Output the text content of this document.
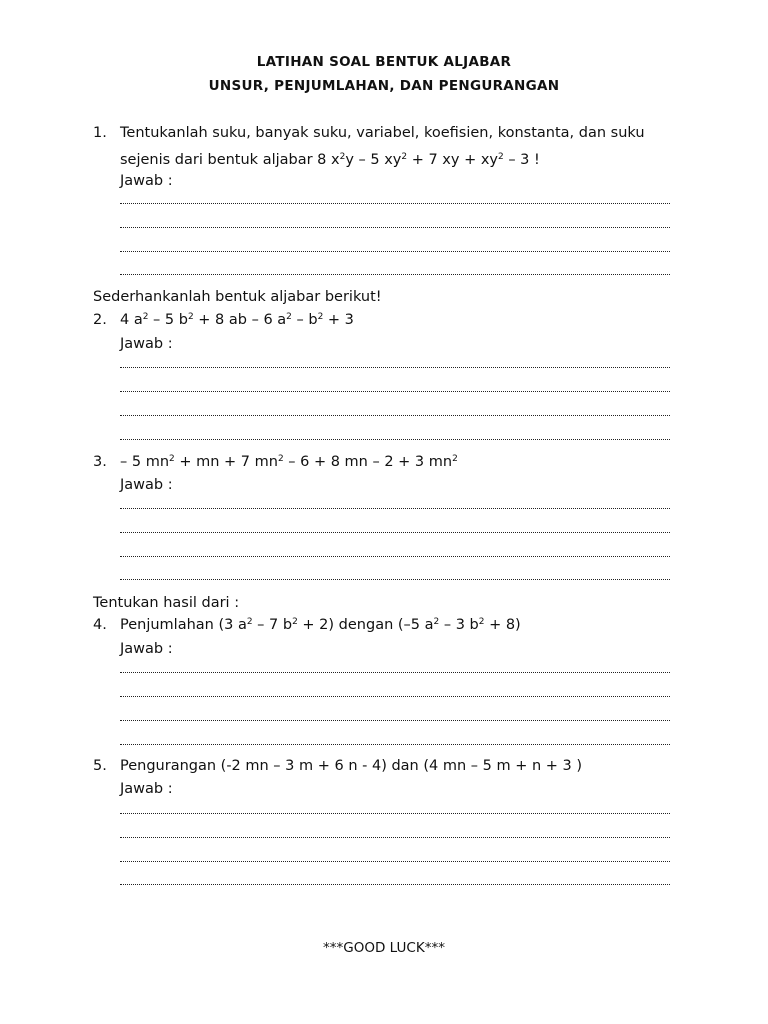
LATIHAN SOAL BENTUK ALJABAR
UNSUR, PENJUMLAHAN, DAN PENGURANGAN
1. Tentukanlah suku, banyak suku, variabel, koefisien, konstanta, dan suku
sejenis dari bentuk aljabar 8 $x^2y - 5$ $xy^2 + 7$ xy + $xy^2 - 3$ !
Jawab :
Sederhankanlah bentuk aljabar berikut!
2. 4 $a^2 - 5$ $b^2 + 8$ ab – 6 $a^2 - b^2 + 3$
Jawab :
3. – 5 $mn^2$ + mn + 7 $mn^2 - 6 + 8$ mn – 2 + 3 $mn^2$
Jawab :
Tentukan hasil dari :
4. Penjumlahan (3 $a^2 - 7$ $b^2 + 2$) dengan (–5 $a^2 - 3$ $b^2 + 8$)
Jawab :
5. Pengurangan (-2 mn – 3 m + 6 n - 4) dan (4 mn – 5 m + n + 3 )
Jawab :
***GOOD LUCK***
